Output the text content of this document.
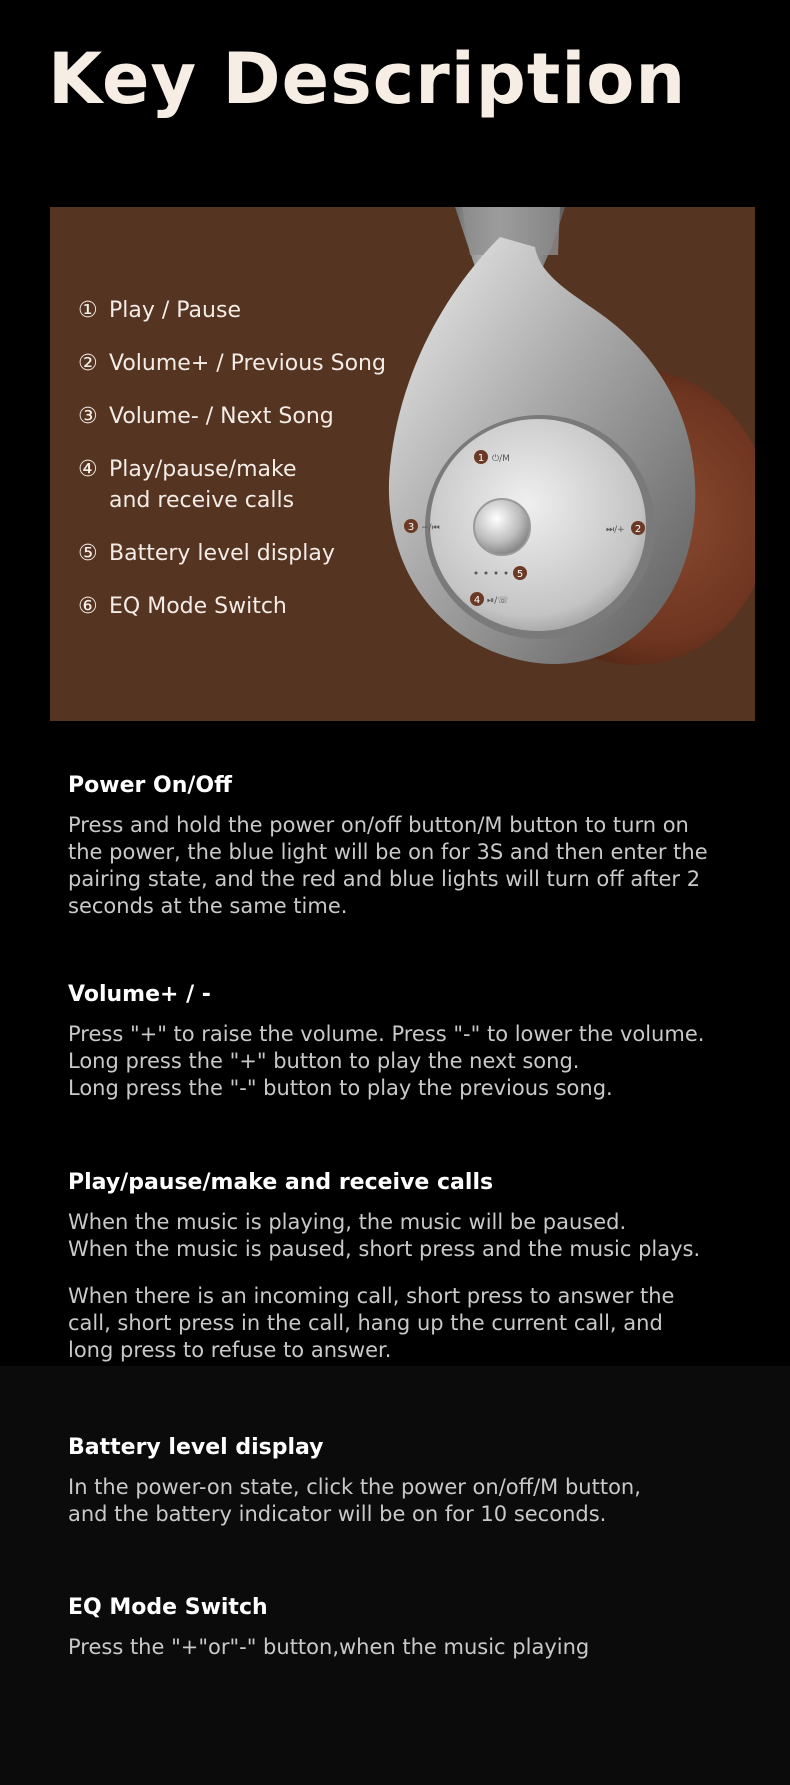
Key Description
① Play / Pause
② Volume+ / Previous Song
③ Volume- / Next Song
④ Play/pause/make
and receive calls
⑤ Battery level display
⑥ EQ Mode Switch
1 ⏻/M
2
⏭/+
3 −/⏮
4 ⏯/☏
5
Power On/Off

Press and hold the power on/off button/M button to turn on
the power, the blue light will be on for 3S and then enter the
pairing state, and the red and blue lights will turn off after 2
seconds at the same time.

Volume+ / -

Press "+" to raise the volume. Press "-" to lower the volume.
Long press the "+" button to play the next song.
Long press the "-" button to play the previous song.

Play/pause/make and receive calls

When the music is playing, the music will be paused.
When the music is paused, short press and the music plays.

When there is an incoming call, short press to answer the
call, short press in the call, hang up the current call, and
long press to refuse to answer.

Battery level display

In the power-on state, click the power on/off/M button,
and the battery indicator will be on for 10 seconds.

EQ Mode Switch

Press the "+"or"-" button,when the music playing
